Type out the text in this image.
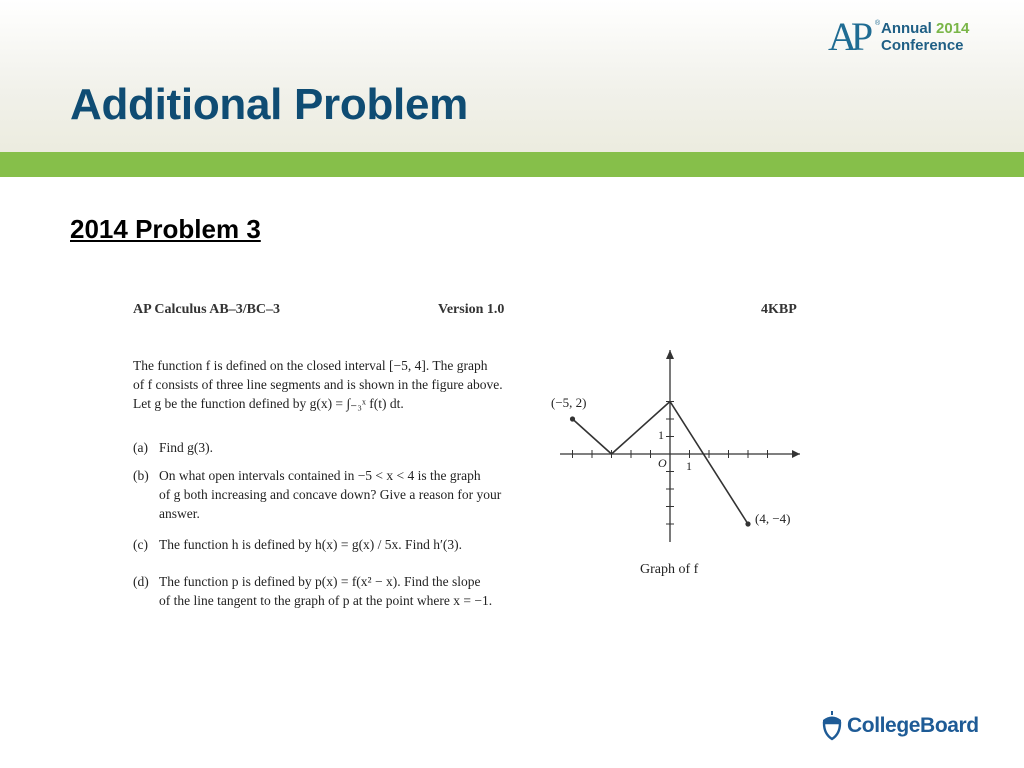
AP ® Annual 2014
Conference
Additional Problem
2014 Problem 3
AP Calculus AB–3/BC–3	Version 1.0	4KBP
The function f is defined on the closed interval [−5, 4]. The graph
of f consists of three line segments and is shown in the figure above.
Let g be the function defined by g(x) = ∫₋₃ˣ f(t) dt.
(a) Find g(3).
(b) On what open intervals contained in −5 < x < 4 is the graph
of g both increasing and concave down? Give a reason for your
answer.
(c) The function h is defined by h(x) = g(x) / 5x. Find h′(3).
(d) The function p is defined by p(x) = f(x² − x). Find the slope
of the line tangent to the graph of p at the point where x = −1.
(−5, 2)
(4, −4)
1
1
O
Graph of f
CollegeBoard
